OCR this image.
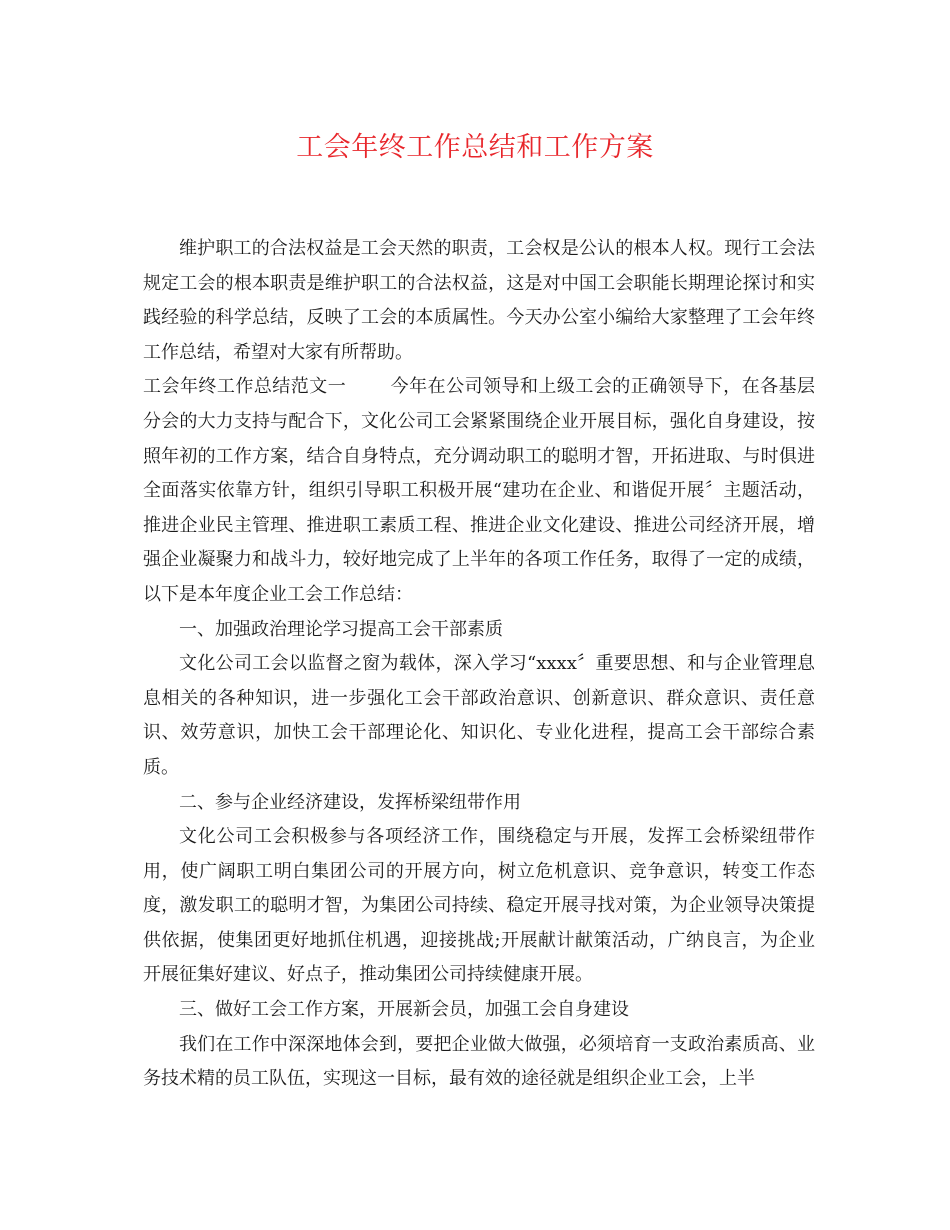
工会年终工作总结和工作方案

维护职工的合法权益是工会天然的职责，工会权是公认的根本人权。现行工会法规定工会的根本职责是维护职工的合法权益，这是对中国工会职能长期理论探讨和实践经验的科学总结，反映了工会的本质属性。今天办公室小编给大家整理了工会年终工作总结，希望对大家有所帮助。

工会年终工作总结范文一 今年在公司领导和上级工会的正确领导下，在各基层分会的大力支持与配合下，文化公司工会紧紧围绕企业开展目标，强化自身建设，按照年初的工作方案，结合自身特点，充分调动职工的聪明才智，开拓进取、与时俱进全面落实依靠方针，组织引导职工积极开展“建功在企业、和谐促开展〞主题活动，推进企业民主管理、推进职工素质工程、推进企业文化建设、推进公司经济开展，增强企业凝聚力和战斗力，较好地完成了上半年的各项工作任务，取得了一定的成绩，以下是本年度企业工会工作总结：

一、加强政治理论学习提高工会干部素质

文化公司工会以监督之窗为载体，深入学习“xxxx〞重要思想、和与企业管理息息相关的各种知识，进一步强化工会干部政治意识、创新意识、群众意识、责任意识、效劳意识，加快工会干部理论化、知识化、专业化进程，提高工会干部综合素质。

二、参与企业经济建设，发挥桥梁纽带作用

文化公司工会积极参与各项经济工作，围绕稳定与开展，发挥工会桥梁纽带作用，使广阔职工明白集团公司的开展方向，树立危机意识、竞争意识，转变工作态度，激发职工的聪明才智，为集团公司持续、稳定开展寻找对策，为企业领导决策提供依据，使集团更好地抓住机遇，迎接挑战;开展献计献策活动，广纳良言，为企业开展征集好建议、好点子，推动集团公司持续健康开展。

三、做好工会工作方案，开展新会员，加强工会自身建设

我们在工作中深深地体会到，要把企业做大做强，必须培育一支政治素质高、业务技术精的员工队伍，实现这一目标，最有效的途径就是组织企业工会，上半
